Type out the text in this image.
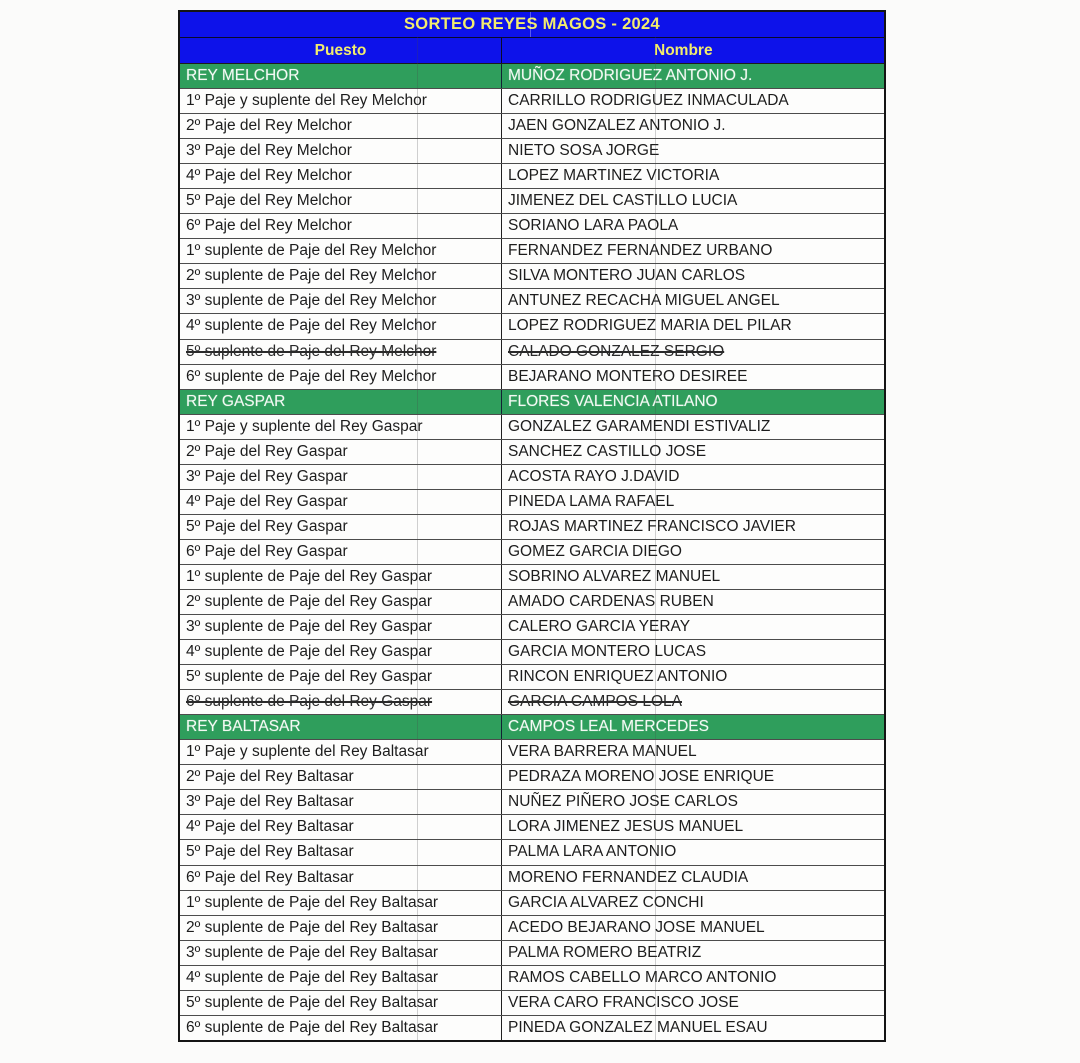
SORTEO REYES MAGOS - 2024
Puesto	Nombre
REY MELCHOR	MUÑOZ RODRIGUEZ ANTONIO J.
1º Paje y suplente del Rey Melchor	CARRILLO RODRIGUEZ INMACULADA
2º Paje del Rey Melchor	JAEN GONZALEZ ANTONIO J.
3º Paje del Rey Melchor	NIETO SOSA JORGE
4º Paje del Rey Melchor	LOPEZ MARTINEZ VICTORIA
5º Paje del Rey Melchor	JIMENEZ DEL CASTILLO LUCIA
6º Paje del Rey Melchor	SORIANO LARA PAOLA
1º suplente de Paje del Rey Melchor	FERNANDEZ FERNANDEZ URBANO
2º suplente de Paje del Rey Melchor	SILVA MONTERO JUAN CARLOS
3º suplente de Paje del Rey Melchor	ANTUNEZ RECACHA MIGUEL ANGEL
4º suplente de Paje del Rey Melchor	LOPEZ RODRIGUEZ MARIA DEL PILAR
5º suplente de Paje del Rey Melchor	CALADO GONZALEZ SERGIO
6º suplente de Paje del Rey Melchor	BEJARANO MONTERO DESIREE
REY GASPAR	FLORES VALENCIA ATILANO
1º Paje y suplente del Rey Gaspar	GONZALEZ GARAMENDI ESTIVALIZ
2º Paje del Rey Gaspar	SANCHEZ CASTILLO JOSE
3º Paje del Rey Gaspar	ACOSTA RAYO J.DAVID
4º Paje del Rey Gaspar	PINEDA LAMA RAFAEL
5º Paje del Rey Gaspar	ROJAS MARTINEZ FRANCISCO JAVIER
6º Paje del Rey Gaspar	GOMEZ GARCIA DIEGO
1º suplente de Paje del Rey Gaspar	SOBRINO ALVAREZ MANUEL
2º suplente de Paje del Rey Gaspar	AMADO CARDENAS RUBEN
3º suplente de Paje del Rey Gaspar	CALERO GARCIA YERAY
4º suplente de Paje del Rey Gaspar	GARCIA MONTERO LUCAS
5º suplente de Paje del Rey Gaspar	RINCON ENRIQUEZ ANTONIO
6º suplente de Paje del Rey Gaspar	GARCIA CAMPOS LOLA
REY BALTASAR	CAMPOS LEAL MERCEDES
1º Paje y suplente del Rey Baltasar	VERA BARRERA MANUEL
2º Paje del Rey Baltasar	PEDRAZA MORENO JOSE ENRIQUE
3º Paje del Rey Baltasar	NUÑEZ PIÑERO JOSE CARLOS
4º Paje del Rey Baltasar	LORA JIMENEZ JESUS MANUEL
5º Paje del Rey Baltasar	PALMA LARA ANTONIO
6º Paje del Rey Baltasar	MORENO FERNANDEZ CLAUDIA
1º suplente de Paje del Rey Baltasar	GARCIA ALVAREZ CONCHI
2º suplente de Paje del Rey Baltasar	ACEDO BEJARANO JOSE MANUEL
3º suplente de Paje del Rey Baltasar	PALMA ROMERO BEATRIZ
4º suplente de Paje del Rey Baltasar	RAMOS CABELLO MARCO ANTONIO
5º suplente de Paje del Rey Baltasar	VERA CARO FRANCISCO JOSE
6º suplente de Paje del Rey Baltasar	PINEDA GONZALEZ MANUEL ESAU
